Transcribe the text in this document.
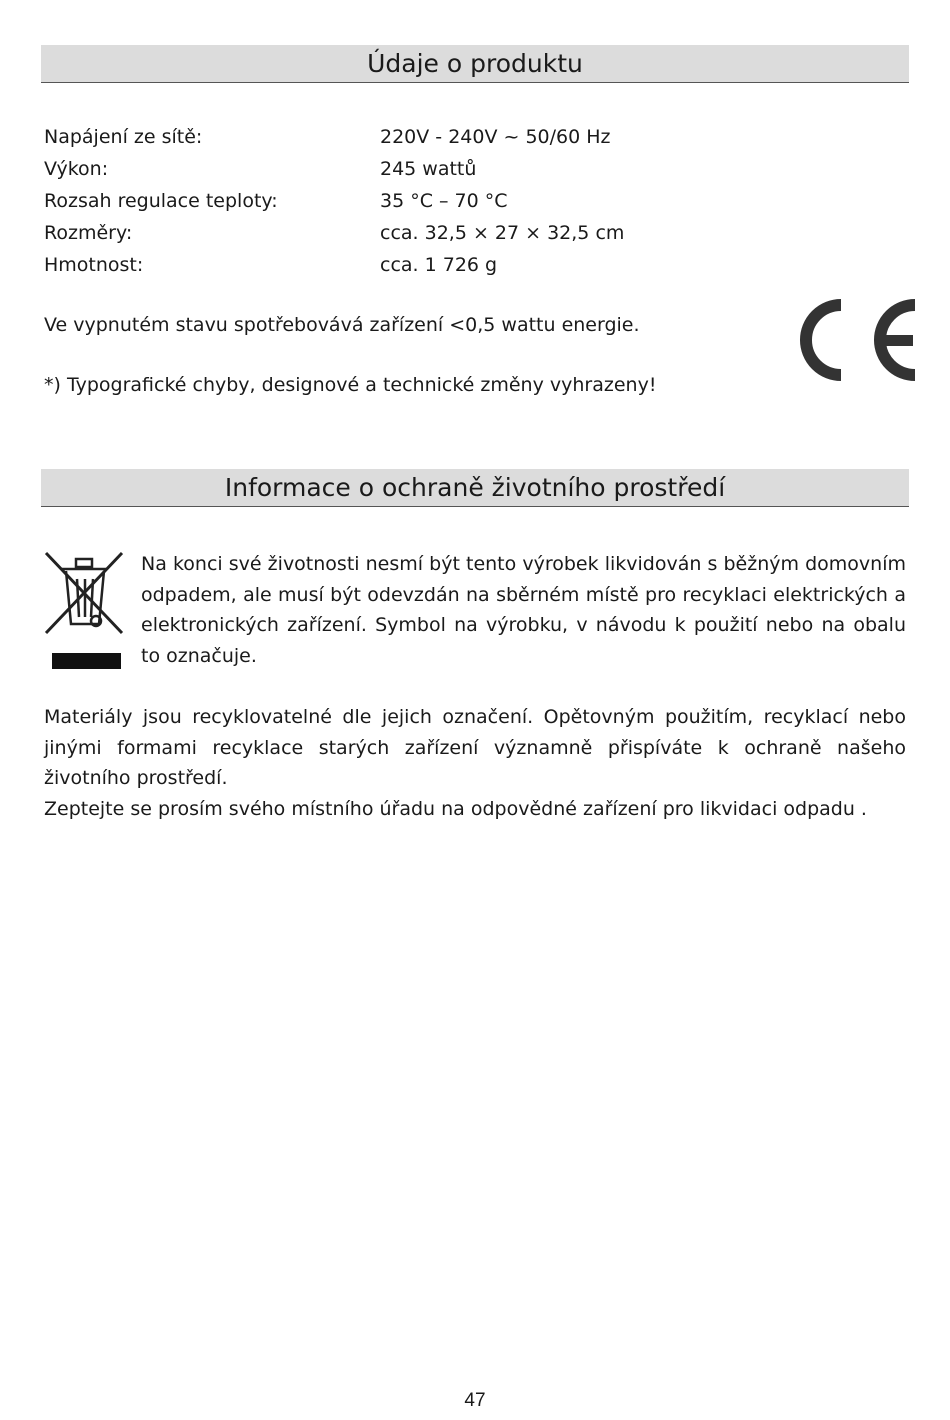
Údaje o produktu
Napájení ze sítě:	220V - 240V ~ 50/60 Hz
Výkon:	245 wattů
Rozsah regulace teploty:	35 °C – 70 °C
Rozměry:	cca. 32,5 × 27 × 32,5 cm
Hmotnost:	cca. 1 726 g
Ve vypnutém stavu spotřebovává zařízení <0,5 wattu energie.
*) Typografické chyby, designové a technické změny vyhrazeny!
Informace o ochraně životního prostředí

Na konci své životnosti nesmí být tento výrobek likvidován s běžným domovním odpadem, ale musí být odevzdán na sběrném místě pro recyklaci elektrických a elektronických zařízení. Symbol na výrobku, v návodu k použití nebo na obalu to označuje.

Materiály jsou recyklovatelné dle jejich označení. Opětovným použitím, recyklací nebo jinými formami recyklace starých zařízení významně přispíváte k ochraně našeho životního prostředí.

Zeptejte se prosím svého místního úřadu na odpovědné zařízení pro likvidaci odpadu .

47
